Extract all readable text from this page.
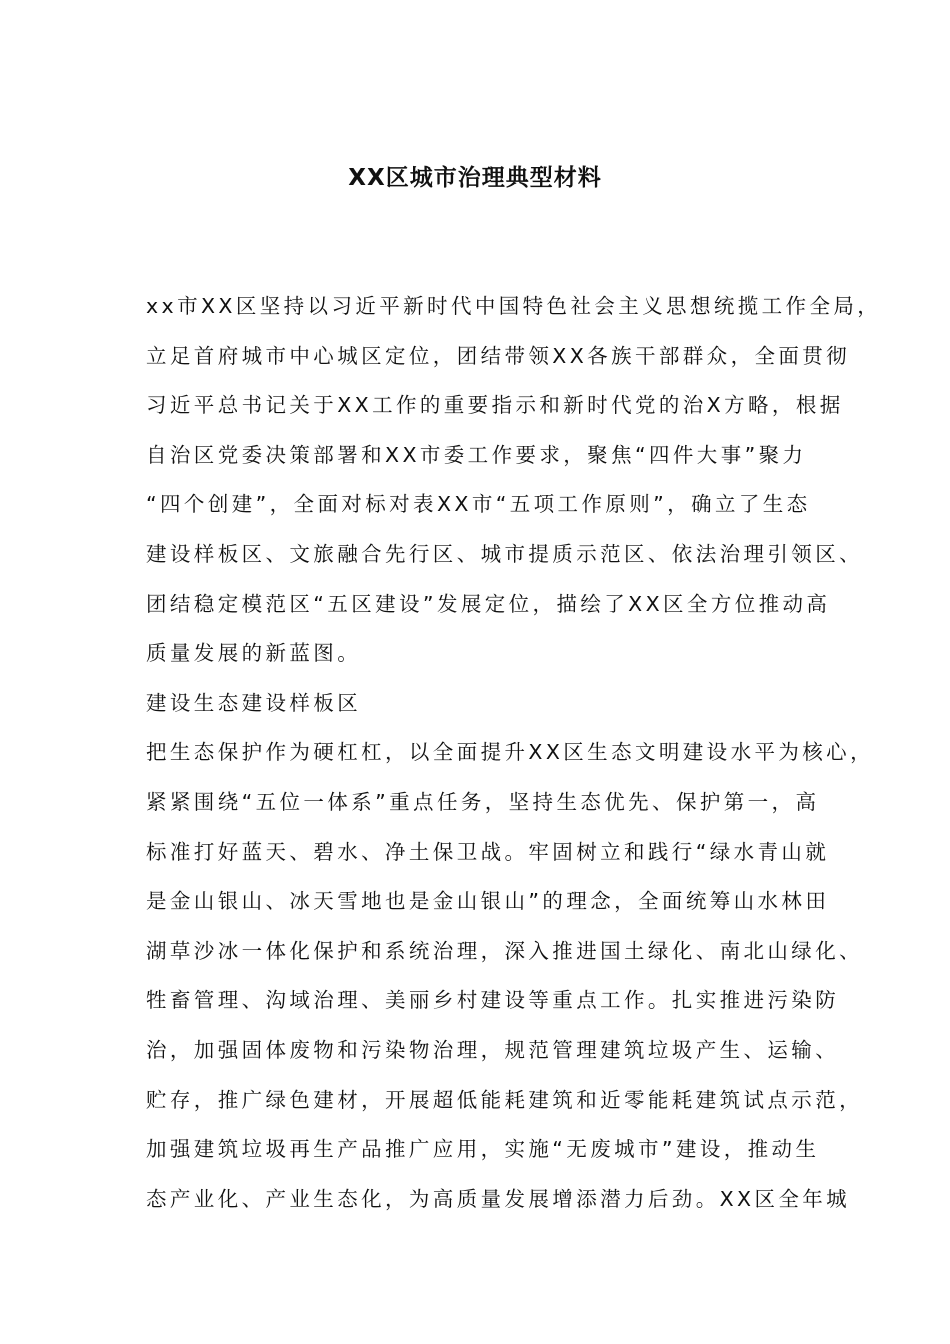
XX区城市治理典型材料
xx市XX区坚持以习近平新时代中国特色社会主义思想统揽工作全局，
立足首府城市中心城区定位，团结带领XX各族干部群众，全面贯彻
习近平总书记关于XX工作的重要指示和新时代党的治X方略，根据
自治区党委决策部署和XX市委工作要求，聚焦“四件大事”聚力
“四个创建”，全面对标对表XX市“五项工作原则”，确立了生态
建设样板区、文旅融合先行区、城市提质示范区、依法治理引领区、
团结稳定模范区“五区建设”发展定位，描绘了XX区全方位推动高
质量发展的新蓝图。
建设生态建设样板区
把生态保护作为硬杠杠，以全面提升XX区生态文明建设水平为核心，
紧紧围绕“五位一体系”重点任务，坚持生态优先、保护第一，高
标准打好蓝天、碧水、净土保卫战。牢固树立和践行“绿水青山就
是金山银山、冰天雪地也是金山银山”的理念，全面统筹山水林田
湖草沙冰一体化保护和系统治理，深入推进国土绿化、南北山绿化、
牲畜管理、沟域治理、美丽乡村建设等重点工作。扎实推进污染防
治，加强固体废物和污染物治理，规范管理建筑垃圾产生、运输、
贮存，推广绿色建材，开展超低能耗建筑和近零能耗建筑试点示范，
加强建筑垃圾再生产品推广应用，实施“无废城市”建设，推动生
态产业化、产业生态化，为高质量发展增添潜力后劲。XX区全年城
